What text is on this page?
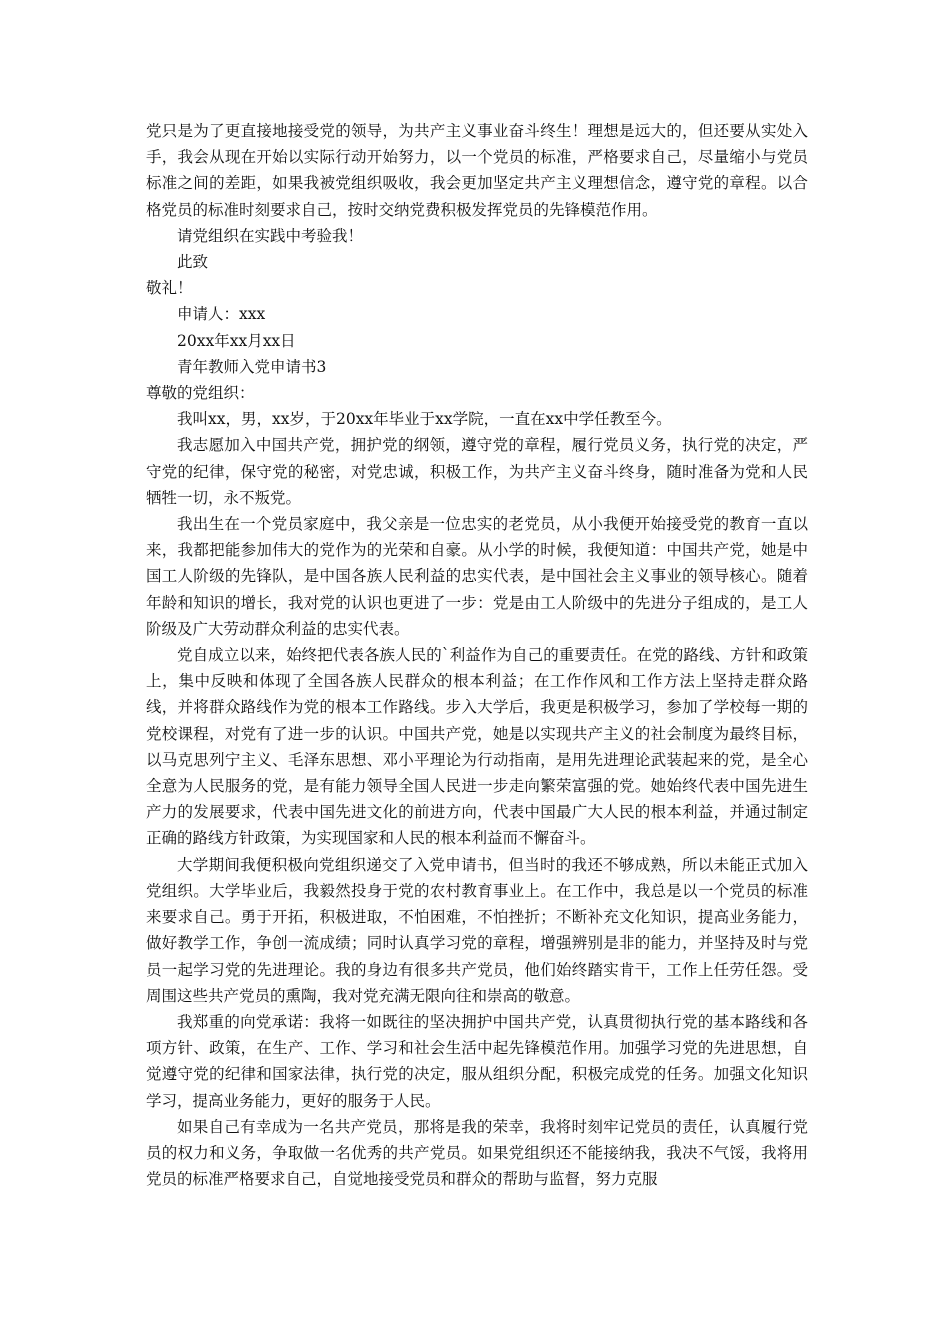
党只是为了更直接地接受党的领导，为共产主义事业奋斗终生！理想是远大的，但还要从实处入手，我会从现在开始以实际行动开始努力，以一个党员的标准，严格要求自己，尽量缩小与党员标准之间的差距，如果我被党组织吸收，我会更加坚定共产主义理想信念，遵守党的章程。以合格党员的标准时刻要求自己，按时交纳党费积极发挥党员的先锋模范作用。

请党组织在实践中考验我！

此致

敬礼！

申请人：xxx

20xx年xx月xx日

青年教师入党申请书3

尊敬的党组织：

我叫xx，男，xx岁，于20xx年毕业于xx学院，一直在xx中学任教至今。

我志愿加入中国共产党，拥护党的纲领，遵守党的章程，履行党员义务，执行党的决定，严守党的纪律，保守党的秘密，对党忠诚，积极工作，为共产主义奋斗终身，随时准备为党和人民牺牲一切，永不叛党。

我出生在一个党员家庭中，我父亲是一位忠实的老党员，从小我便开始接受党的教育一直以来，我都把能参加伟大的党作为的光荣和自豪。从小学的时候，我便知道：中国共产党，她是中国工人阶级的先锋队，是中国各族人民利益的忠实代表，是中国社会主义事业的领导核心。随着年龄和知识的增长，我对党的认识也更进了一步：党是由工人阶级中的先进分子组成的，是工人阶级及广大劳动群众利益的忠实代表。

党自成立以来，始终把代表各族人民的`利益作为自己的重要责任。在党的路线、方针和政策上，集中反映和体现了全国各族人民群众的根本利益；在工作作风和工作方法上坚持走群众路线，并将群众路线作为党的根本工作路线。步入大学后，我更是积极学习，参加了学校每一期的党校课程，对党有了进一步的认识。中国共产党，她是以实现共产主义的社会制度为最终目标，以马克思列宁主义、毛泽东思想、邓小平理论为行动指南，是用先进理论武装起来的党，是全心全意为人民服务的党，是有能力领导全国人民进一步走向繁荣富强的党。她始终代表中国先进生产力的发展要求，代表中国先进文化的前进方向，代表中国最广大人民的根本利益，并通过制定正确的路线方针政策，为实现国家和人民的根本利益而不懈奋斗。

大学期间我便积极向党组织递交了入党申请书，但当时的我还不够成熟，所以未能正式加入党组织。大学毕业后，我毅然投身于党的农村教育事业上。在工作中，我总是以一个党员的标准来要求自己。勇于开拓，积极进取，不怕困难，不怕挫折；不断补充文化知识，提高业务能力，做好教学工作，争创一流成绩；同时认真学习党的章程，增强辨别是非的能力，并坚持及时与党员一起学习党的先进理论。我的身边有很多共产党员，他们始终踏实肯干，工作上任劳任怨。受周围这些共产党员的熏陶，我对党充满无限向往和崇高的敬意。

我郑重的向党承诺：我将一如既往的坚决拥护中国共产党，认真贯彻执行党的基本路线和各项方针、政策，在生产、工作、学习和社会生活中起先锋模范作用。加强学习党的先进思想，自觉遵守党的纪律和国家法律，执行党的决定，服从组织分配，积极完成党的任务。加强文化知识学习，提高业务能力，更好的服务于人民。

如果自己有幸成为一名共产党员，那将是我的荣幸，我将时刻牢记党员的责任，认真履行党员的权力和义务，争取做一名优秀的共产党员。如果党组织还不能接纳我，我决不气馁，我将用党员的标准严格要求自己，自觉地接受党员和群众的帮助与监督，努力克服
